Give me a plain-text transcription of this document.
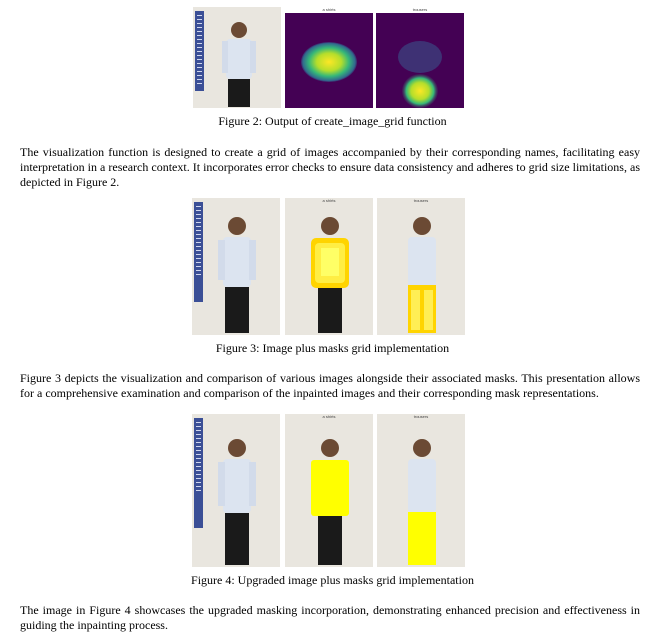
a shirts	trousers
Figure 2: Output of create_image_grid function
The visualization function is designed to create a grid of images accompanied by their corresponding names, facilitating easy interpretation in a research context. It incorporates error checks to ensure data consistency and adheres to grid size limitations, as depicted in Figure 2.
a shirts	trousers
Figure 3: Image plus masks grid implementation
Figure 3 depicts the visualization and comparison of various images alongside their associated masks. This presentation allows for a comprehensive examination and comparison of the inpainted images and their corresponding mask representations.
a shirts	trousers
Figure 4: Upgraded image plus masks grid implementation
The image in Figure 4 showcases the upgraded masking incorporation, demonstrating enhanced precision and effectiveness in guiding the inpainting process.
